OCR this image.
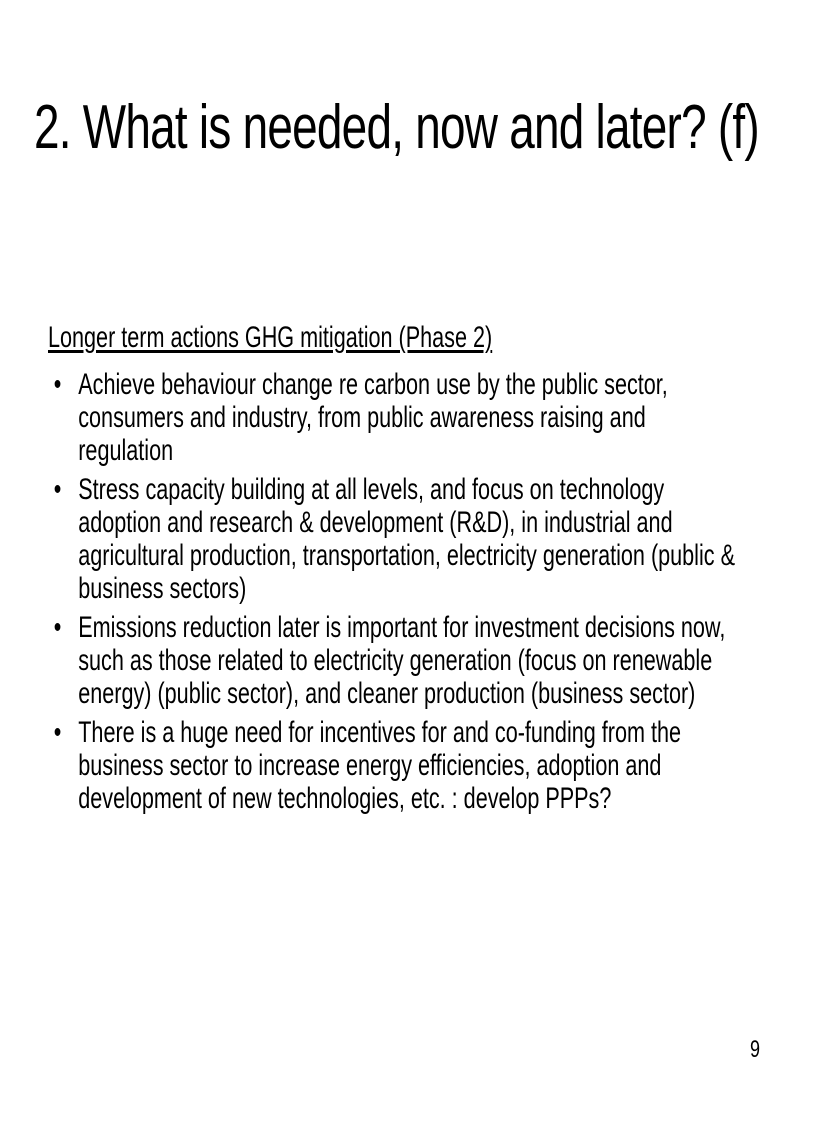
2. What is needed, now and later? (f)

Longer term actions GHG mitigation (Phase 2)

• Achieve behaviour change re carbon use by the public sector, consumers and industry, from public awareness raising and regulation
• Stress capacity building at all levels, and focus on technology adoption and research & development (R&D), in industrial and agricultural production, transportation, electricity generation (public & business sectors)
• Emissions reduction later is important for investment decisions now, such as those related to electricity generation (focus on renewable energy) (public sector), and cleaner production (business sector)
• There is a huge need for incentives for and co-funding from the business sector to increase energy efficiencies, adoption and development of new technologies, etc. : develop PPPs?
9
